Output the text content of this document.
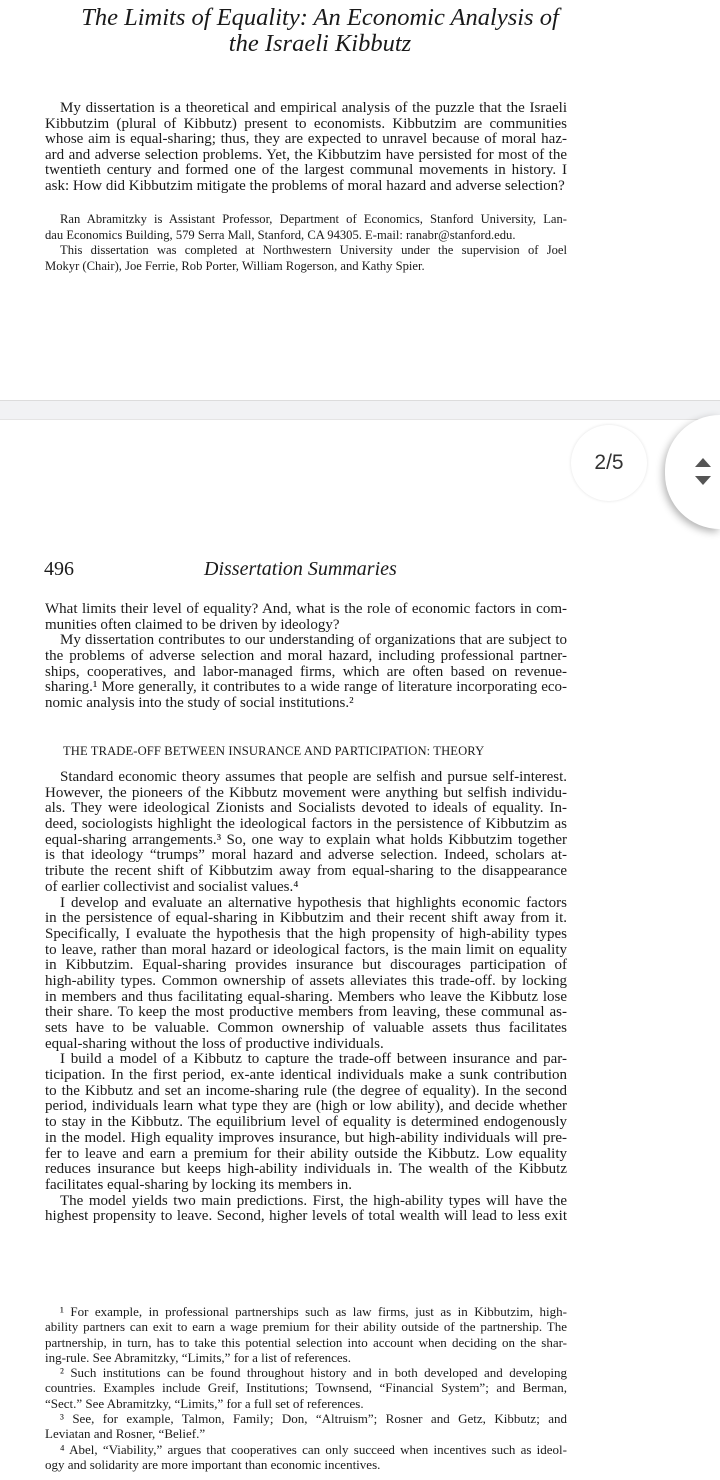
The Limits of Equality: An Economic Analysis of
the Israeli Kibbutz
My dissertation is a theoretical and empirical analysis of the puzzle that the Israeli
Kibbutzim (plural of Kibbutz) present to economists. Kibbutzim are communities
whose aim is equal-sharing; thus, they are expected to unravel because of moral haz-
ard and adverse selection problems. Yet, the Kibbutzim have persisted for most of the
twentieth century and formed one of the largest communal movements in history. I
ask: How did Kibbutzim mitigate the problems of moral hazard and adverse selection?
Ran Abramitzky is Assistant Professor, Department of Economics, Stanford University, Lan-
dau Economics Building, 579 Serra Mall, Stanford, CA 94305. E-mail: ranabr@stanford.edu.
This dissertation was completed at Northwestern University under the supervision of Joel
Mokyr (Chair), Joe Ferrie, Rob Porter, William Rogerson, and Kathy Spier.
496	Dissertation Summaries
What limits their level of equality? And, what is the role of economic factors in com-
munities often claimed to be driven by ideology?
My dissertation contributes to our understanding of organizations that are subject to
the problems of adverse selection and moral hazard, including professional partner-
ships, cooperatives, and labor-managed firms, which are often based on revenue-
sharing.¹ More generally, it contributes to a wide range of literature incorporating eco-
nomic analysis into the study of social institutions.²
THE TRADE-OFF BETWEEN INSURANCE AND PARTICIPATION: THEORY
Standard economic theory assumes that people are selfish and pursue self-interest.
However, the pioneers of the Kibbutz movement were anything but selfish individu-
als. They were ideological Zionists and Socialists devoted to ideals of equality. In-
deed, sociologists highlight the ideological factors in the persistence of Kibbutzim as
equal-sharing arrangements.³ So, one way to explain what holds Kibbutzim together
is that ideology “trumps” moral hazard and adverse selection. Indeed, scholars at-
tribute the recent shift of Kibbutzim away from equal-sharing to the disappearance
of earlier collectivist and socialist values.⁴
I develop and evaluate an alternative hypothesis that highlights economic factors
in the persistence of equal-sharing in Kibbutzim and their recent shift away from it.
Specifically, I evaluate the hypothesis that the high propensity of high-ability types
to leave, rather than moral hazard or ideological factors, is the main limit on equality
in Kibbutzim. Equal-sharing provides insurance but discourages participation of
high-ability types. Common ownership of assets alleviates this trade-off. by locking
in members and thus facilitating equal-sharing. Members who leave the Kibbutz lose
their share. To keep the most productive members from leaving, these communal as-
sets have to be valuable. Common ownership of valuable assets thus facilitates
equal-sharing without the loss of productive individuals.
I build a model of a Kibbutz to capture the trade-off between insurance and par-
ticipation. In the first period, ex-ante identical individuals make a sunk contribution
to the Kibbutz and set an income-sharing rule (the degree of equality). In the second
period, individuals learn what type they are (high or low ability), and decide whether
to stay in the Kibbutz. The equilibrium level of equality is determined endogenously
in the model. High equality improves insurance, but high-ability individuals will pre-
fer to leave and earn a premium for their ability outside the Kibbutz. Low equality
reduces insurance but keeps high-ability individuals in. The wealth of the Kibbutz
facilitates equal-sharing by locking its members in.
The model yields two main predictions. First, the high-ability types will have the
highest propensity to leave. Second, higher levels of total wealth will lead to less exit
¹ For example, in professional partnerships such as law firms, just as in Kibbutzim, high-
ability partners can exit to earn a wage premium for their ability outside of the partnership. The
partnership, in turn, has to take this potential selection into account when deciding on the shar-
ing-rule. See Abramitzky, “Limits,” for a list of references.
² Such institutions can be found throughout history and in both developed and developing
countries. Examples include Greif, Institutions; Townsend, “Financial System”; and Berman,
“Sect.” See Abramitzky, “Limits,” for a full set of references.
³ See, for example, Talmon, Family; Don, “Altruism”; Rosner and Getz, Kibbutz; and
Leviatan and Rosner, “Belief.”
⁴ Abel, “Viability,” argues that cooperatives can only succeed when incentives such as ideol-
ogy and solidarity are more important than economic incentives.
2/5
